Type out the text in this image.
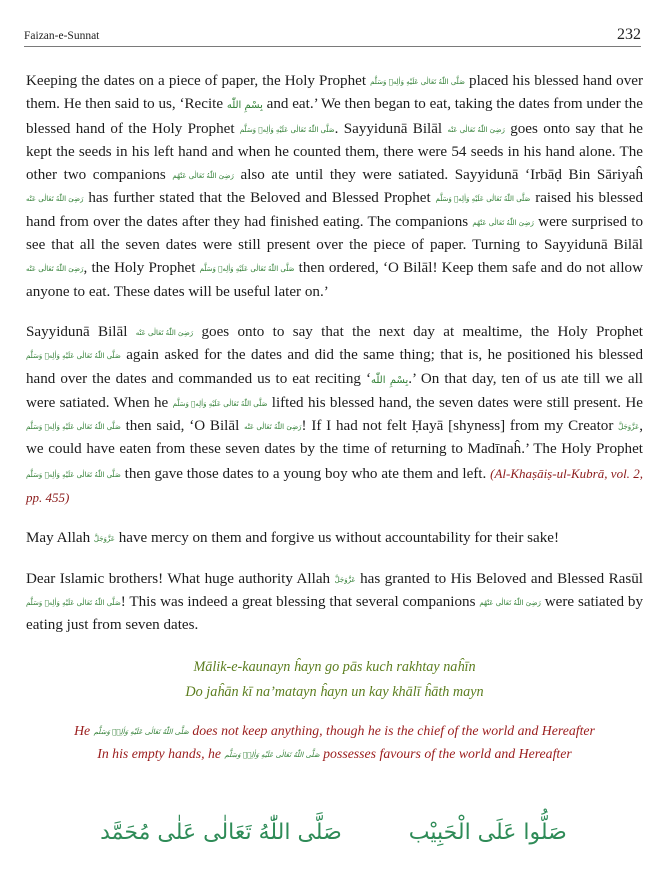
Faizan-e-Sunnat	232

Keeping the dates on a piece of paper, the Holy Prophet صَلَّى اللّٰهُ تَعَالٰى عَلَيْهِ وَاٰلِهٖ وَسَلَّم placed his blessed hand over them. He then said to us, ‘Recite بِسْمِ اللّٰه and eat.’ We then began to eat, taking the dates from under the blessed hand of the Holy Prophet صَلَّى اللّٰهُ تَعَالٰى عَلَيْهِ وَاٰلِهٖ وَسَلَّم. Sayyidunā Bilāl رَضِىَ اللّٰهُ تَعَالٰى عَنْه goes onto say that he kept the seeds in his left hand and when he counted them, there were 54 seeds in his hand alone. The other two companions رَضِىَ اللّٰهُ تَعَالٰى عَنْهُم also ate until they were satiated. Sayyidunā ‘Irbāḍ Bin Sāriyaĥ رَضِىَ اللّٰهُ تَعَالٰى عَنْه has further stated that the Beloved and Blessed Prophet صَلَّى اللّٰهُ تَعَالٰى عَلَيْهِ وَاٰلِهٖ وَسَلَّم raised his blessed hand from over the dates after they had finished eating. The companions رَضِىَ اللّٰهُ تَعَالٰى عَنْهُم were surprised to see that all the seven dates were still present over the piece of paper. Turning to Sayyidunā Bilāl رَضِىَ اللّٰهُ تَعَالٰى عَنْه, the Holy Prophet صَلَّى اللّٰهُ تَعَالٰى عَلَيْهِ وَاٰلِهٖ وَسَلَّم then ordered, ‘O Bilāl! Keep them safe and do not allow anyone to eat. These dates will be useful later on.’

Sayyidunā Bilāl رَضِىَ اللّٰهُ تَعَالٰى عَنْه goes onto to say that the next day at mealtime, the Holy Prophet صَلَّى اللّٰهُ تَعَالٰى عَلَيْهِ وَاٰلِهٖ وَسَلَّم again asked for the dates and did the same thing; that is, he positioned his blessed hand over the dates and commanded us to eat reciting ‘بِسْمِ اللّٰه.’ On that day, ten of us ate till we all were satiated. When he صَلَّى اللّٰهُ تَعَالٰى عَلَيْهِ وَاٰلِهٖ وَسَلَّم lifted his blessed hand, the seven dates were still present. He صَلَّى اللّٰهُ تَعَالٰى عَلَيْهِ وَاٰلِهٖ وَسَلَّم then said, ‘O Bilāl رَضِىَ اللّٰهُ تَعَالٰى عَنْه! If I had not felt Ḥayā [shyness] from my Creator عَزَّوَجَلَّ, we could have eaten from these seven dates by the time of returning to Madīnaĥ.’ The Holy Prophet صَلَّى اللّٰهُ تَعَالٰى عَلَيْهِ وَاٰلِهٖ وَسَلَّم then gave those dates to a young boy who ate them and left. (Al-Khaṣāiṣ-ul-Kubrā, vol. 2, pp. 455)

May Allah عَزَّوَجَلَّ have mercy on them and forgive us without accountability for their sake!

Dear Islamic brothers! What huge authority Allah عَزَّوَجَلَّ has granted to His Beloved and Blessed Rasūl صَلَّى اللّٰهُ تَعَالٰى عَلَيْهِ وَاٰلِهٖ وَسَلَّم! This was indeed a great blessing that several companions رَضِىَ اللّٰهُ تَعَالٰى عَنْهُم were satiated by eating just from seven dates.

Mālik-e-kaunayn ĥayn go pās kuch rakhtay naĥīn
Do jaĥān kī na’matayn ĥayn un kay khālī ĥāth mayn
He صَلَّى اللّٰهُ تَعَالٰى عَلَيْهِ وَاٰلِهٖ وَسَلَّم does not keep anything, though he is the chief of the world and Hereafter
In his empty hands, he صَلَّى اللّٰهُ تَعَالٰى عَلَيْهِ وَاٰلِهٖ وَسَلَّم possesses favours of the world and Hereafter
صَلُّوا عَلَى الْحَبِيْب صَلَّى اللّٰهُ تَعَالٰى عَلٰى مُحَمَّد
